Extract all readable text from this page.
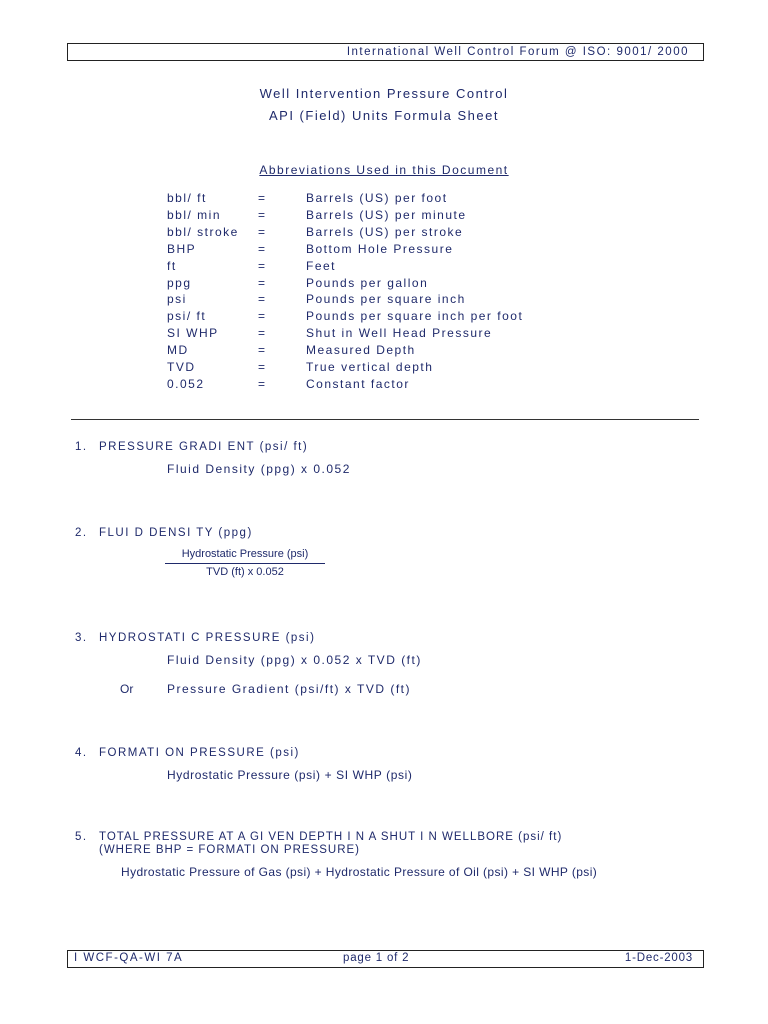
International Well Control Forum @ ISO: 9001/ 2000
Well Intervention Pressure Control
API (Field) Units Formula Sheet
Abbreviations Used in this Document
bbl/ ft	=	Barrels (US) per foot
bbl/ min	=	Barrels (US) per minute
bbl/ stroke =	Barrels (US) per stroke
BHP	=	Bottom Hole Pressure
ft	=	Feet
ppg	=	Pounds per gallon
psi	=	Pounds per square inch
psi/ ft	=	Pounds per square inch per foot
SI WHP	=	Shut in Well Head Pressure
MD	=	Measured Depth
TVD	=	True vertical depth
0.052	=	Constant factor
1. PRESSURE GRADI ENT (psi/ ft)
Fluid Density (ppg) x 0.052
2. FLUI D DENSI TY (ppg)
Hydrostatic Pressure (psi)
TVD (ft) x 0.052
3. HYDROSTATI C PRESSURE (psi)
Fluid Density (ppg) x 0.052 x TVD (ft)
Or	Pressure Gradient (psi/ft) x TVD (ft)
4. FORMATI ON PRESSURE (psi)
Hydrostatic Pressure (psi) + SI WHP (psi)
5. TOTAL PRESSURE AT A GI VEN DEPTH I N A SHUT I N WELLBORE (psi/ ft)
(WHERE BHP = FORMATI ON PRESSURE)
Hydrostatic Pressure of Gas (psi) + Hydrostatic Pressure of Oil (psi) + SI WHP (psi)
I WCF-QA-WI 7A	page 1 of 2	1-Dec-2003
